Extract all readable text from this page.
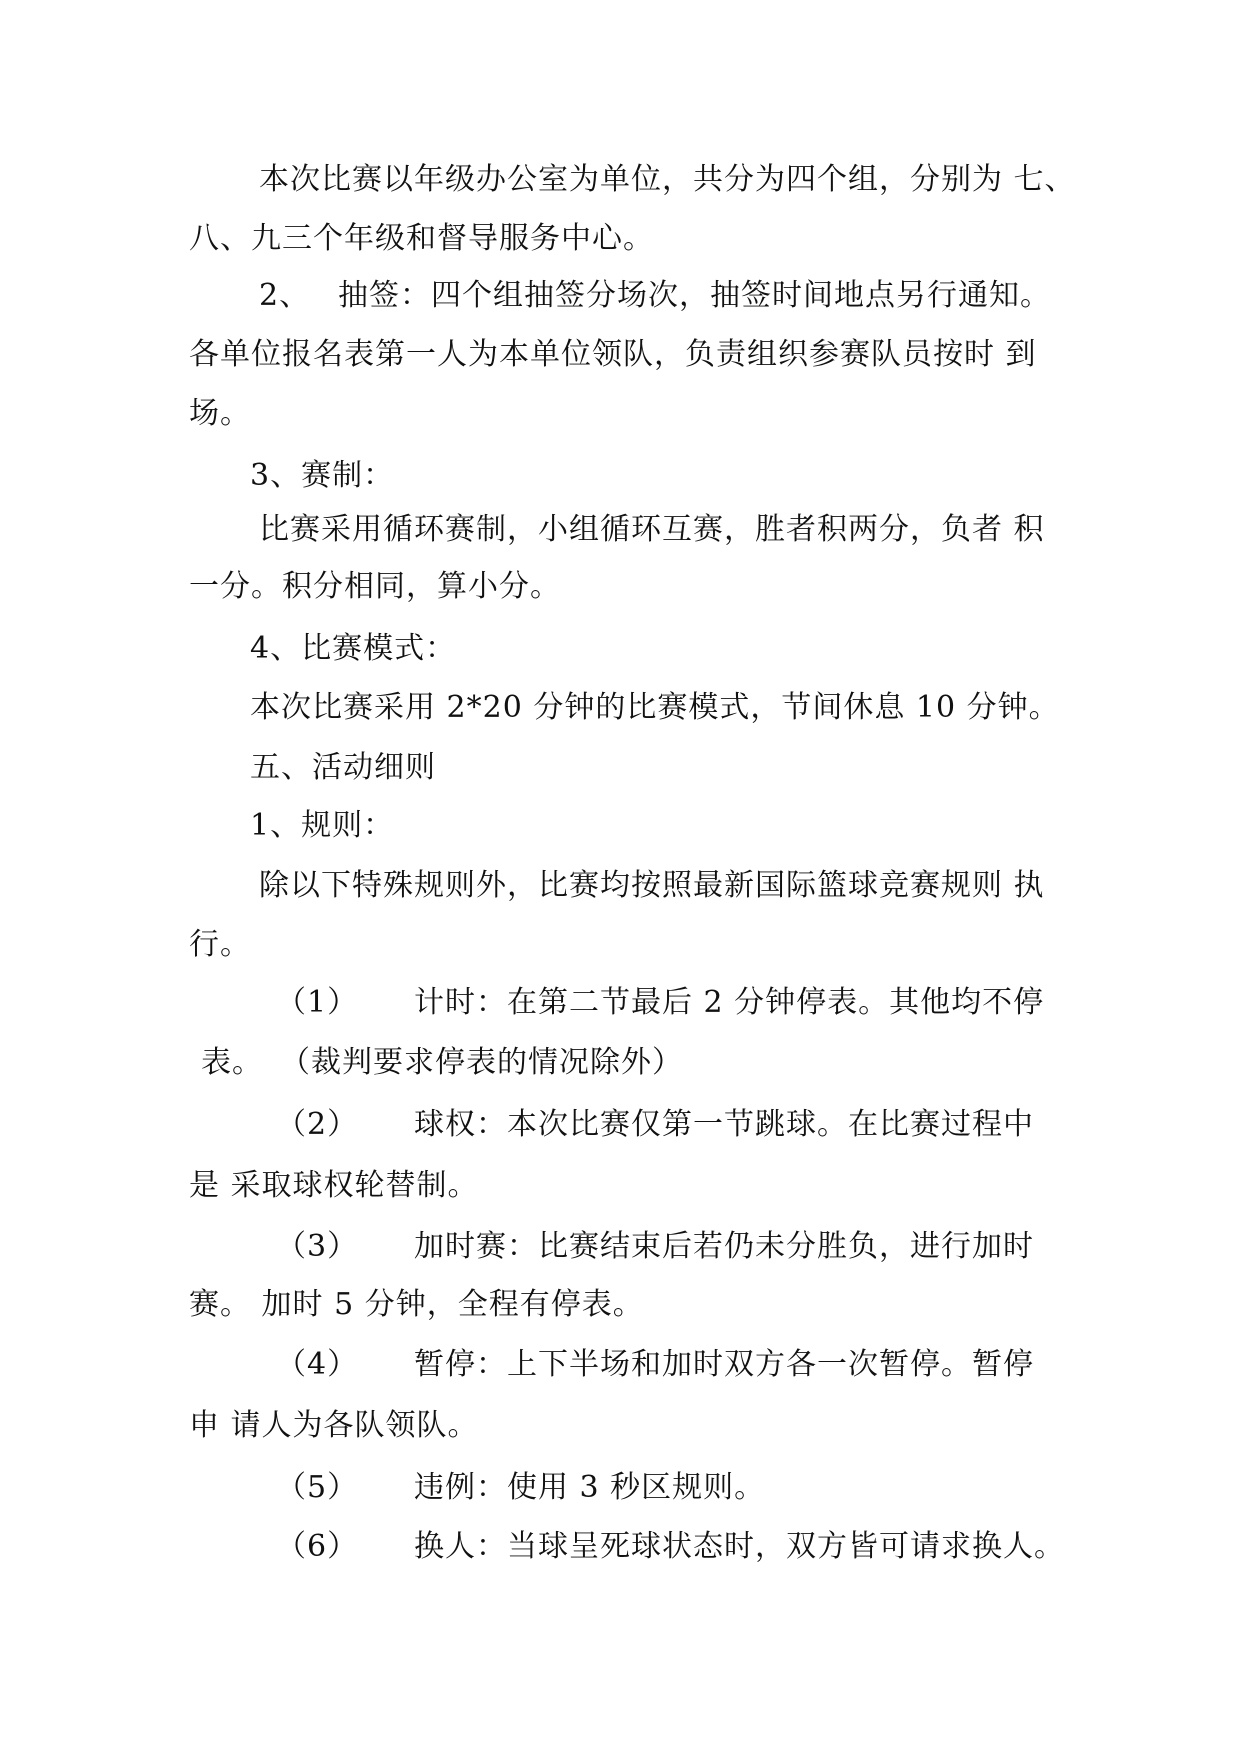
本次比赛以年级办公室为单位，共分为四个组，分别为 七、
八、九三个年级和督导服务中心。
2、 抽签：四个组抽签分场次，抽签时间地点另行通知。
各单位报名表第一人为本单位领队，负责组织参赛队员按时 到
场。
3、赛制：
比赛采用循环赛制，小组循环互赛，胜者积两分，负者 积
一分。积分相同，算小分。
4、比赛模式：
本次比赛采用 2*20 分钟的比赛模式，节间休息 10 分钟。
五、活动细则
1、规则：
除以下特殊规则外，比赛均按照最新国际篮球竞赛规则 执
行。
（1） 计时：在第二节最后 2 分钟停表。其他均不停
表。 （裁判要求停表的情况除外）
（2） 球权：本次比赛仅第一节跳球。在比赛过程中
是 采取球权轮替制。
（3） 加时赛：比赛结束后若仍未分胜负，进行加时
赛。 加时 5 分钟，全程有停表。
（4） 暂停：上下半场和加时双方各一次暂停。暂停
申 请人为各队领队。
（5） 违例：使用 3 秒区规则。
（6） 换人：当球呈死球状态时，双方皆可请求换人。
